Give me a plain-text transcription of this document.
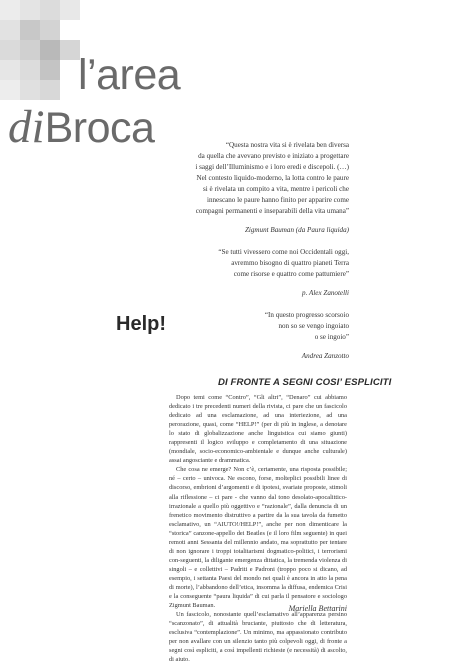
l’area
diBroca	“Questa nostra vita si è rivelata ben diversa

da quella che avevano previsto e iniziato a progettare

i saggi dell’Illuminismo e i loro eredi e discepoli. (…)

Nel contesto liquido-moderno, la lotta contro le paure

si è rivelata un compito a vita, mentre i pericoli che

innescano le paure hanno finito per apparire come

compagni permanenti e inseparabili della vita umana”

Zigmunt Bauman (da Paura liquida)

“Se tutti vivessero come noi Occidentali oggi,

avremmo bisogno di quattro pianeti Terra

come risorse e quattro come pattumiere”

p. Alex Zanotelli

“In questo progresso scorsoio

non so se vengo ingoiato

o se ingoio”

Andrea Zanzotto

Help!
DI FRONTE A SEGNI COSI’ ESPLICITI

Dopo temi come “Contro”, “Gli altri”, “Denaro” cui abbiamo dedicato i tre precedenti numeri della rivista, ci pare che un fascicolo dedicato ad una esclamazione, ad una interiezione, ad una perorazione, quasi, come “HELP!” (per di più in inglese, a denotare lo stato di globalizzazione anche linguistica cui siamo giunti) rappresenti il logico sviluppo e completamento di una situazione (mondiale, socio-economico-ambientale e dunque anche culturale) assai angosciante e drammatica.

Che cosa ne emerge? Non c’è, certamente, una risposta possibile; né – certo – univoca. Ne escono, forse, molteplici possibili linee di discorso, embrioni d’argomenti e di ipotesi, svariate proposte, stimoli alla riflessione – ci pare - che vanno dal tono desolato-apocalittico-irrazionale a quello più oggettivo e “razionale”, dalla denuncia di un frenetico movimento distruttivo a partire da la sua tavola da fumetto esclamativo, un “AIUTO!/HELP!”, anche per non dimenticare la “storica” canzone-appello dei Beatles (e il loro film seguente) in quei remoti anni Sessanta del millennio andato, ma soprattutto per tentare di non ignorare i troppi totalitarismi dogmatico-politici, i terrorismi con-seguenti, la diligante emergenza dittatica, la tremenda violenza di singoli – e collettivi – Padriti e Padroni (troppo poco si dicano, ad esempio, i settanta Paesi del mondo nei quali è ancora in atto la pena di morte), l’abbandono dell’etica, insomma la diffusa, endemica Crisi e la conseguente “paura liquida” di cui parla il pensatore e sociologo Zigmunt Bauman.

Un fascicolo, nonostante quell’esclamativo all’apparenza persino “scanzonato”, di attualità bruciante, piuttosto che di letteratura, esclusiva “contemplazione”. Un minimo, ma appassionato contributo per non avallare con un silenzio tanto più colpevoli oggi, di fronte a segni così espliciti, a così impellenti richieste (e necessità) di ascolto, di aiuto.

Mariella Bettarini
